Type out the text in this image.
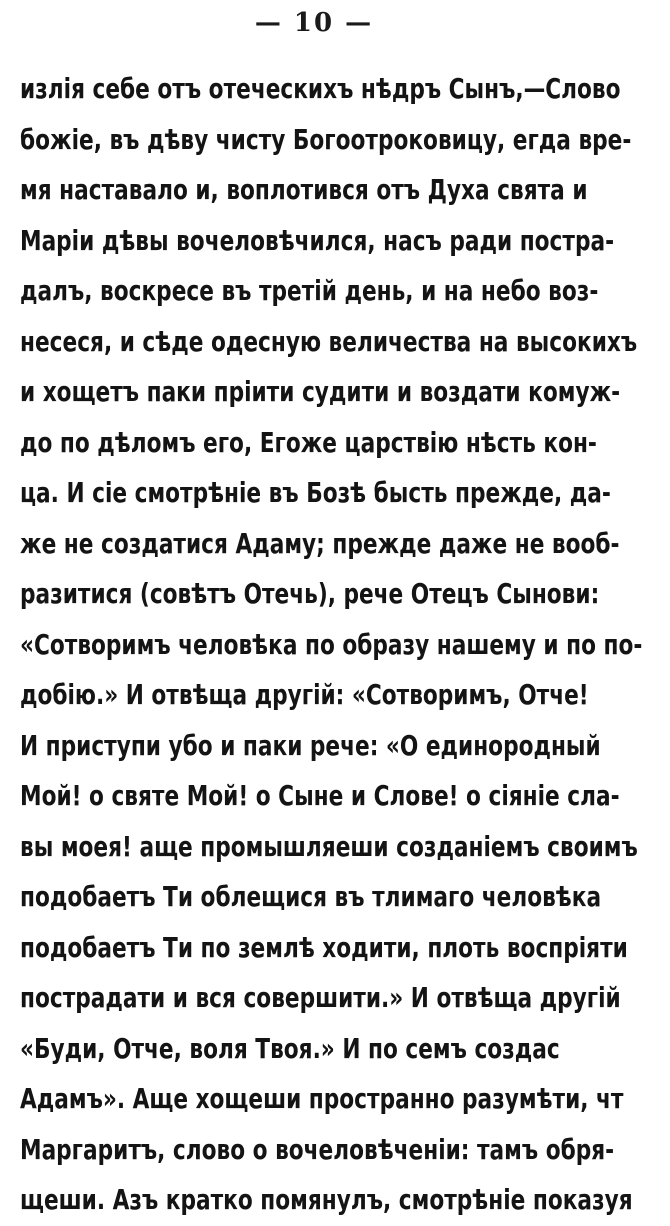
— 10 —
излія себе отъ отеческихъ нѣдръ Сынъ,—Слово
божіе, въ дѣву чисту Богоотроковицу, егда вре-
мя наставало и, воплотився отъ Духа свята и
Маріи дѣвы вочеловѣчился, насъ ради постра-
далъ, воскресе въ третій день, и на небо воз-
несеся, и сѣде одесную величества на высокихъ
и хощетъ паки пріити судити и воздати комуж-
до по дѣломъ его, Егоже царствію нѣсть кон-
ца. И сіе смотрѣніе въ Бозѣ бысть прежде, да-
же не создатися Адаму; прежде даже не вооб-
разитися (совѣтъ Отечь), рече Отецъ Сынови:
«Сотворимъ человѣка по образу нашему и по по-
добію.» И отвѣща другій: «Сотворимъ, Отче!
И приступи убо и паки рече: «О единородный
Мой! о святе Мой! о Сыне и Слове! о сіяніе сла-
вы моея! аще промышляеши созданіемъ своимъ
подобаетъ Ти облещися въ тлимаго человѣка
подобаетъ Ти по землѣ ходити, плоть воспріяти
пострадати и вся совершити.» И отвѣща другій
«Буди, Отче, воля Твоя.» И по семъ создас
Адамъ». Аще хощеши пространно разумѣти, чт
Маргаритъ, слово о вочеловѣченіи: тамъ обря-
щеши. Азъ кратко помянулъ, смотрѣніе показуя
